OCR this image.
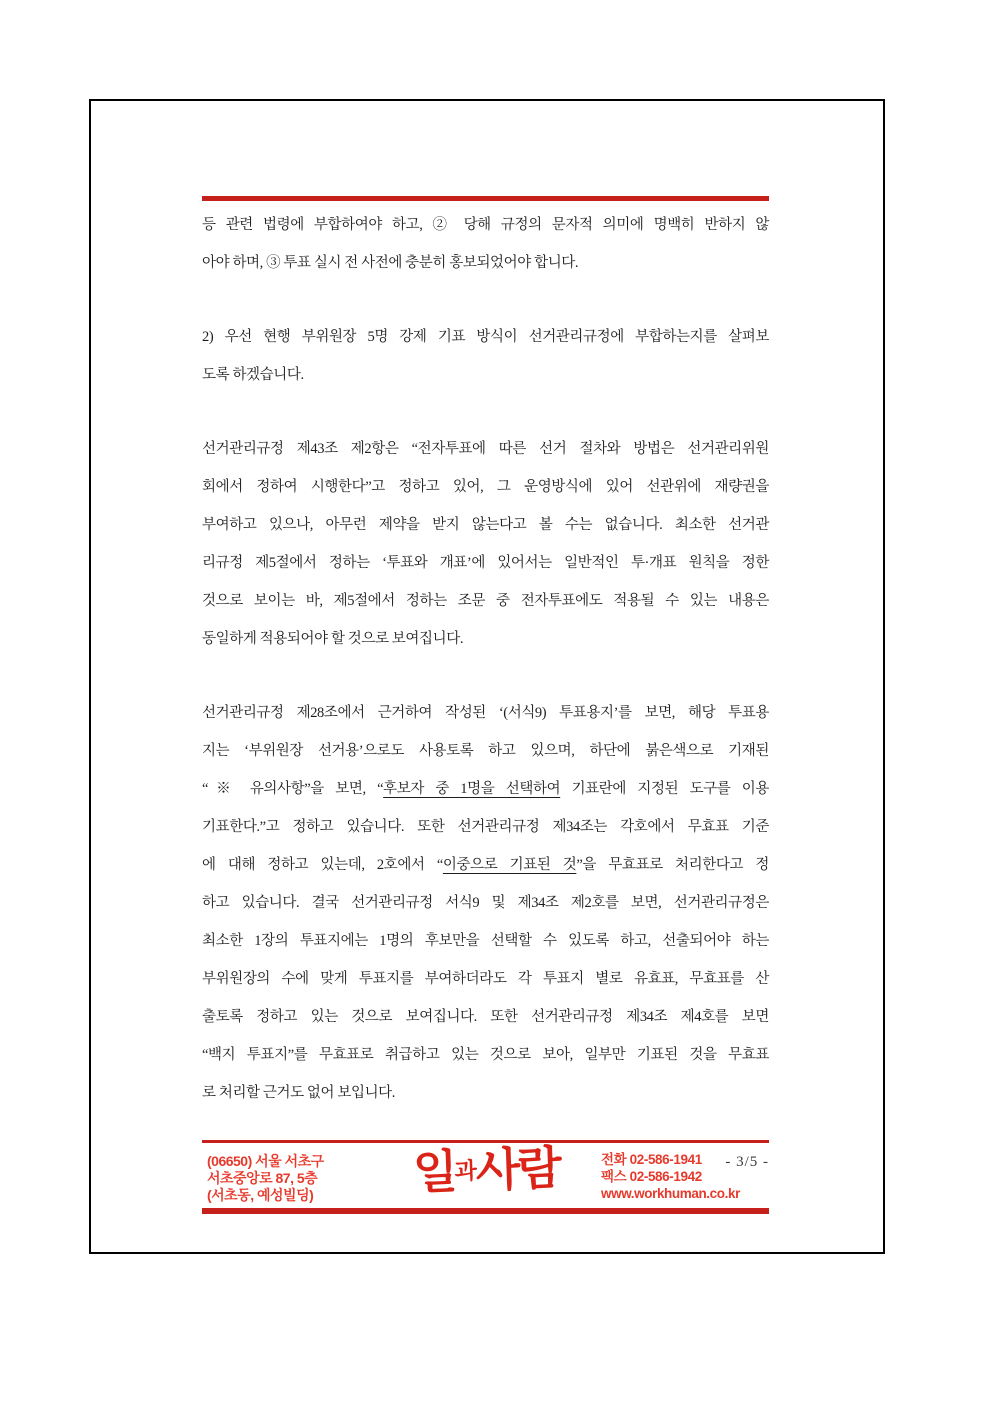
등 관련 법령에 부합하여야 하고, ② 당해 규정의 문자적 의미에 명백히 반하지 않
아야 하며, ③ 투표 실시 전 사전에 충분히 홍보되었어야 합니다.
2) 우선 현행 부위원장 5명 강제 기표 방식이 선거관리규정에 부합하는지를 살펴보
도록 하겠습니다.
선거관리규정 제43조 제2항은 “전자투표에 따른 선거 절차와 방법은 선거관리위원
회에서 정하여 시행한다”고 정하고 있어, 그 운영방식에 있어 선관위에 재량권을
부여하고 있으나, 아무런 제약을 받지 않는다고 볼 수는 없습니다. 최소한 선거관
리규정 제5절에서 정하는 ‘투표와 개표’에 있어서는 일반적인 투·개표 원칙을 정한
것으로 보이는 바, 제5절에서 정하는 조문 중 전자투표에도 적용될 수 있는 내용은
동일하게 적용되어야 할 것으로 보여집니다.
선거관리규정 제28조에서 근거하여 작성된 ‘(서식9) 투표용지’를 보면, 해당 투표용
지는 ‘부위원장 선거용’으로도 사용토록 하고 있으며, 하단에 붉은색으로 기재된
“※ 유의사항”을 보면, “후보자 중 1명을 선택하여 기표란에 지정된 도구를 이용
기표한다.”고 정하고 있습니다. 또한 선거관리규정 제34조는 각호에서 무효표 기준
에 대해 정하고 있는데, 2호에서 “이중으로 기표된 것”을 무효표로 처리한다고 정
하고 있습니다. 결국 선거관리규정 서식9 및 제34조 제2호를 보면, 선거관리규정은
최소한 1장의 투표지에는 1명의 후보만을 선택할 수 있도록 하고, 선출되어야 하는
부위원장의 수에 맞게 투표지를 부여하더라도 각 투표지 별로 유효표, 무효표를 산
출토록 정하고 있는 것으로 보여집니다. 또한 선거관리규정 제34조 제4호를 보면
“백지 투표지”를 무효표로 취급하고 있는 것으로 보아, 일부만 기표된 것을 무효표
로 처리할 근거도 없어 보입니다.
(06650) 서울 서초구
서초중앙로 87, 5층
(서초동, 예성빌딩) 일과사람	전화 02-586-1941
팩스 02-586-1942
www.workhuman.co.kr
- 3/5 -
